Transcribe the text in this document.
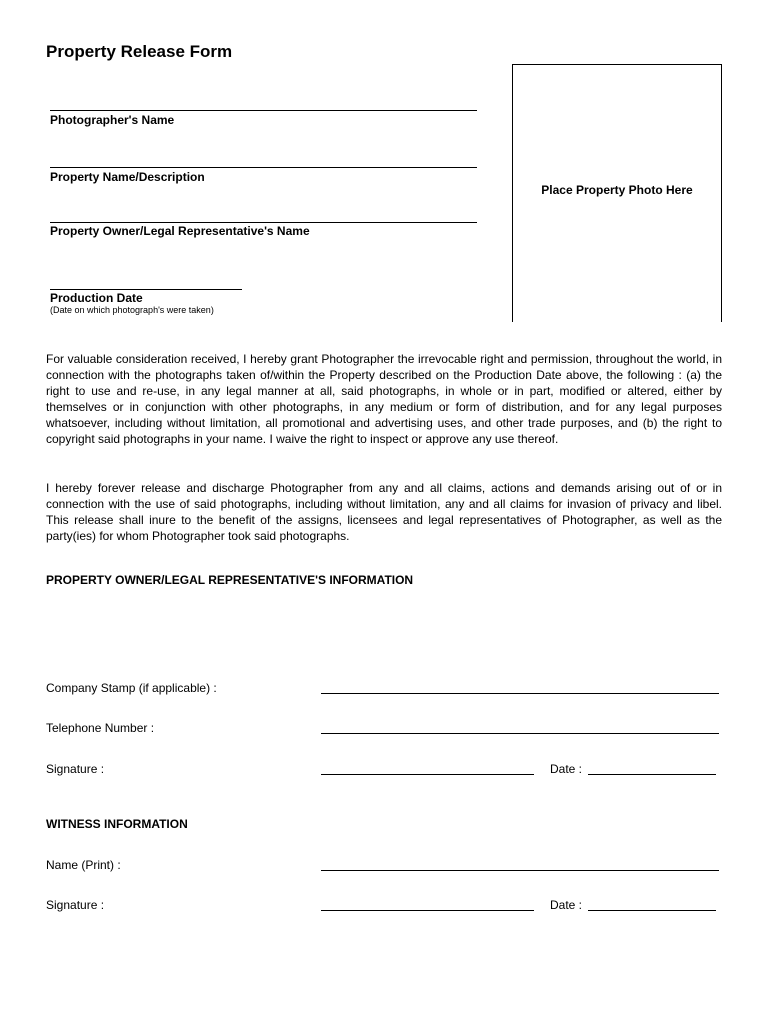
Property Release Form
Place Property Photo Here
Photographer's Name
Property Name/Description
Property Owner/Legal Representative's Name
Production Date
(Date on which photograph's were taken)

For valuable consideration received, I hereby grant Photographer the irrevocable right and permission, throughout the world, in connection with the photographs taken of/within the Property described on the Production Date above, the following : (a) the right to use and re-use, in any legal manner at all, said photographs, in whole or in part, modified or altered, either by themselves or in conjunction with other photographs, in any medium or form of distribution, and for any legal purposes whatsoever, including without limitation, all promotional and advertising uses, and other trade purposes, and (b) the right to copyright said photographs in your name. I waive the right to inspect or approve any use thereof.

I hereby forever release and discharge Photographer from any and all claims, actions and demands arising out of or in connection with the use of said photographs, including without limitation, any and all claims for invasion of privacy and libel. This release shall inure to the benefit of the assigns, licensees and legal representatives of Photographer, as well as the party(ies) for whom Photographer took said photographs.

PROPERTY OWNER/LEGAL REPRESENTATIVE'S INFORMATION
Company Stamp (if applicable) :
Telephone Number :
Signature :	Date :
WITNESS INFORMATION
Name (Print) :
Signature :	Date :
